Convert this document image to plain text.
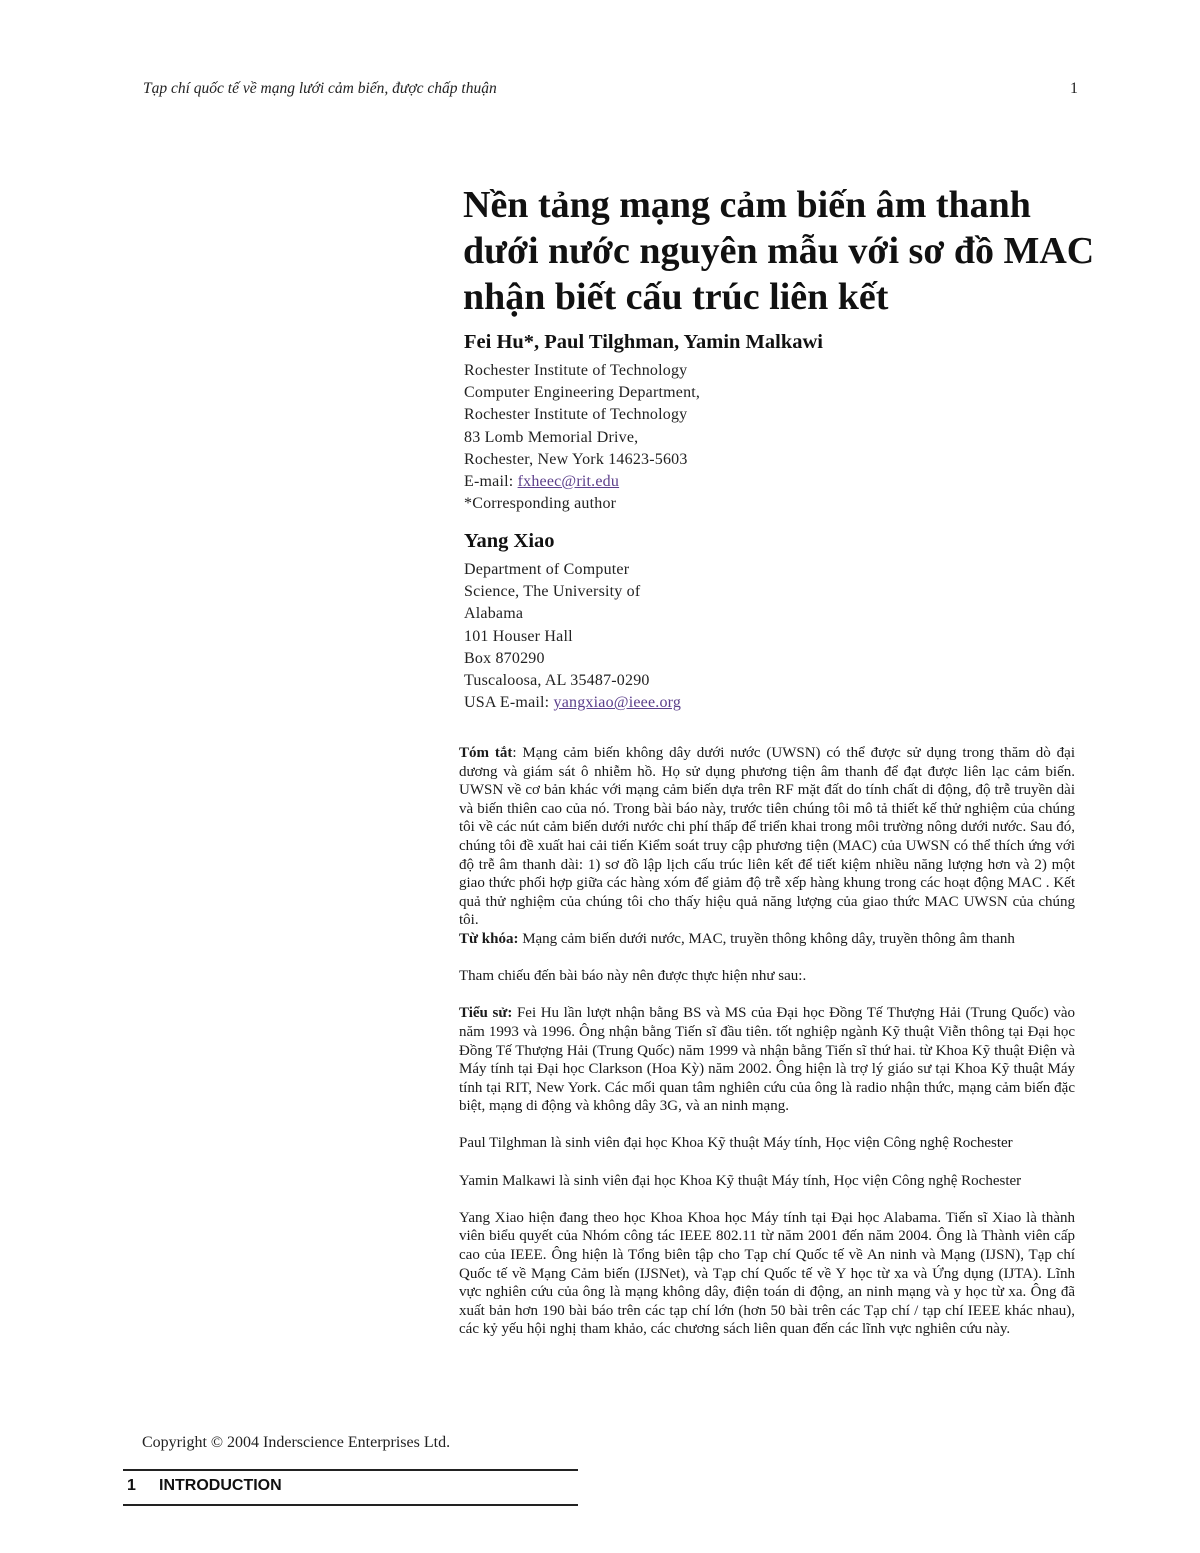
Tạp chí quốc tế về mạng lưới cảm biến, được chấp thuận	1
Nền tảng mạng cảm biến âm thanh dưới nước nguyên mẫu với sơ đồ MAC nhận biết cấu trúc liên kết
Fei Hu*, Paul Tilghman, Yamin Malkawi
Rochester Institute of Technology
Computer Engineering Department,
Rochester Institute of Technology
83 Lomb Memorial Drive,
Rochester, New York 14623-5603
E-mail: fxheec@rit.edu
*Corresponding author
Yang Xiao
Department of Computer
Science, The University of
Alabama
101 Houser Hall
Box 870290
Tuscaloosa, AL 35487-0290
USA E-mail: yangxiao@ieee.org

Tóm tắt: Mạng cảm biến không dây dưới nước (UWSN) có thể được sử dụng trong thăm dò đại dương và giám sát ô nhiễm hồ. Họ sử dụng phương tiện âm thanh để đạt được liên lạc cảm biến. UWSN về cơ bản khác với mạng cảm biến dựa trên RF mặt đất do tính chất di động, độ trễ truyền dài và biến thiên cao của nó. Trong bài báo này, trước tiên chúng tôi mô tả thiết kế thử nghiệm của chúng tôi về các nút cảm biến dưới nước chi phí thấp để triển khai trong môi trường nông dưới nước. Sau đó, chúng tôi đề xuất hai cải tiến Kiểm soát truy cập phương tiện (MAC) của UWSN có thể thích ứng với độ trễ âm thanh dài: 1) sơ đồ lập lịch cấu trúc liên kết để tiết kiệm nhiều năng lượng hơn và 2) một giao thức phối hợp giữa các hàng xóm để giảm độ trễ xếp hàng khung trong các hoạt động MAC . Kết quả thử nghiệm của chúng tôi cho thấy hiệu quả năng lượng của giao thức MAC UWSN của chúng tôi.

Từ khóa: Mạng cảm biến dưới nước, MAC, truyền thông không dây, truyền thông âm thanh

Tham chiếu đến bài báo này nên được thực hiện như sau:.

Tiểu sử: Fei Hu lần lượt nhận bằng BS và MS của Đại học Đồng Tế Thượng Hải (Trung Quốc) vào năm 1993 và 1996. Ông nhận bằng Tiến sĩ đầu tiên. tốt nghiệp ngành Kỹ thuật Viễn thông tại Đại học Đồng Tế Thượng Hải (Trung Quốc) năm 1999 và nhận bằng Tiến sĩ thứ hai. từ Khoa Kỹ thuật Điện và Máy tính tại Đại học Clarkson (Hoa Kỳ) năm 2002. Ông hiện là trợ lý giáo sư tại Khoa Kỹ thuật Máy tính tại RIT, New York. Các mối quan tâm nghiên cứu của ông là radio nhận thức, mạng cảm biến đặc biệt, mạng di động và không dây 3G, và an ninh mạng.

Paul Tilghman là sinh viên đại học Khoa Kỹ thuật Máy tính, Học viện Công nghệ Rochester

Yamin Malkawi là sinh viên đại học Khoa Kỹ thuật Máy tính, Học viện Công nghệ Rochester

Yang Xiao hiện đang theo học Khoa Khoa học Máy tính tại Đại học Alabama. Tiến sĩ Xiao là thành viên biểu quyết của Nhóm công tác IEEE 802.11 từ năm 2001 đến năm 2004. Ông là Thành viên cấp cao của IEEE. Ông hiện là Tổng biên tập cho Tạp chí Quốc tế về An ninh và Mạng (IJSN), Tạp chí Quốc tế về Mạng Cảm biến (IJSNet), và Tạp chí Quốc tế về Y học từ xa và Ứng dụng (IJTA). Lĩnh vực nghiên cứu của ông là mạng không dây, điện toán di động, an ninh mạng và y học từ xa. Ông đã xuất bản hơn 190 bài báo trên các tạp chí lớn (hơn 50 bài trên các Tạp chí / tạp chí IEEE khác nhau), các kỷ yếu hội nghị tham khảo, các chương sách liên quan đến các lĩnh vực nghiên cứu này.

Copyright © 2004 Inderscience Enterprises Ltd.
1 INTRODUCTION
